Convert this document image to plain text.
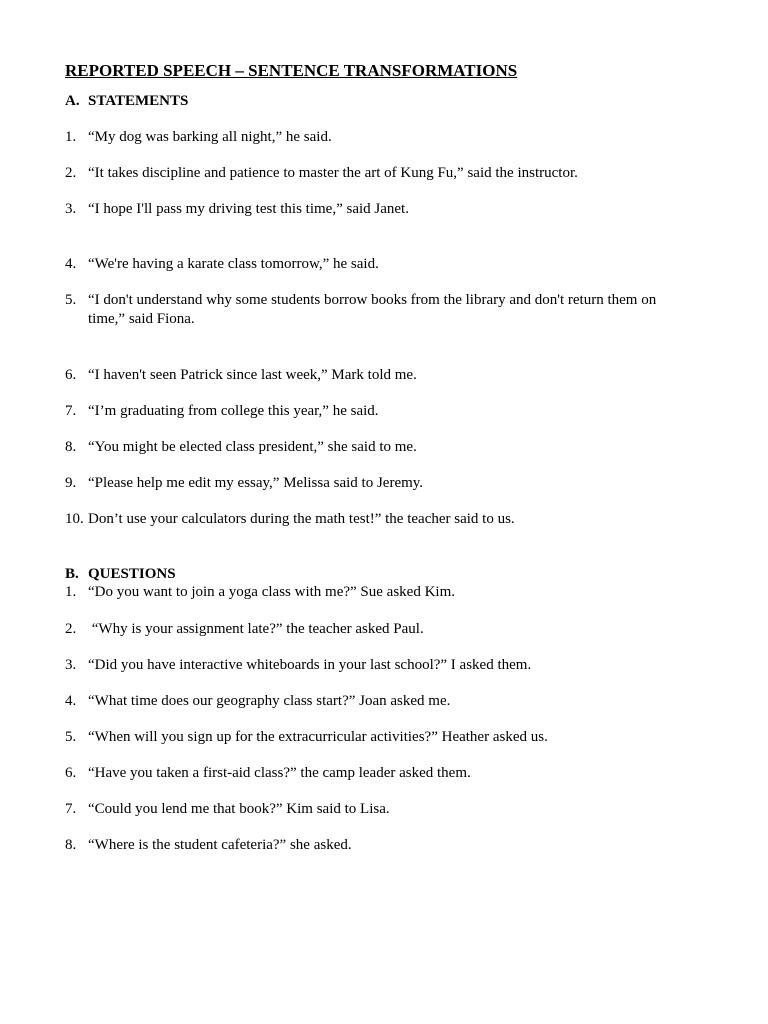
REPORTED SPEECH – SENTENCE TRANSFORMATIONS
A. STATEMENTS
1. “My dog was barking all night,” he said.
2. “It takes discipline and patience to master the art of Kung Fu,” said the instructor.
3. “I hope I'll pass my driving test this time,” said Janet.
4. “We're having a karate class tomorrow,” he said.
5. “I don't understand why some students borrow books from the library and don't return them on time,” said Fiona.
6. “I haven't seen Patrick since last week,” Mark told me.
7. “I’m graduating from college this year,” he said.
8. “You might be elected class president,” she said to me.
9. “Please help me edit my essay,” Melissa said to Jeremy.
10. Don’t use your calculators during the math test!” the teacher said to us.
B. QUESTIONS
1. “Do you want to join a yoga class with me?” Sue asked Kim.
2. “Why is your assignment late?” the teacher asked Paul.
3. “Did you have interactive whiteboards in your last school?” I asked them.
4. “What time does our geography class start?” Joan asked me.
5. “When will you sign up for the extracurricular activities?” Heather asked us.
6. “Have you taken a first-aid class?” the camp leader asked them.
7. “Could you lend me that book?” Kim said to Lisa.
8. “Where is the student cafeteria?” she asked.
